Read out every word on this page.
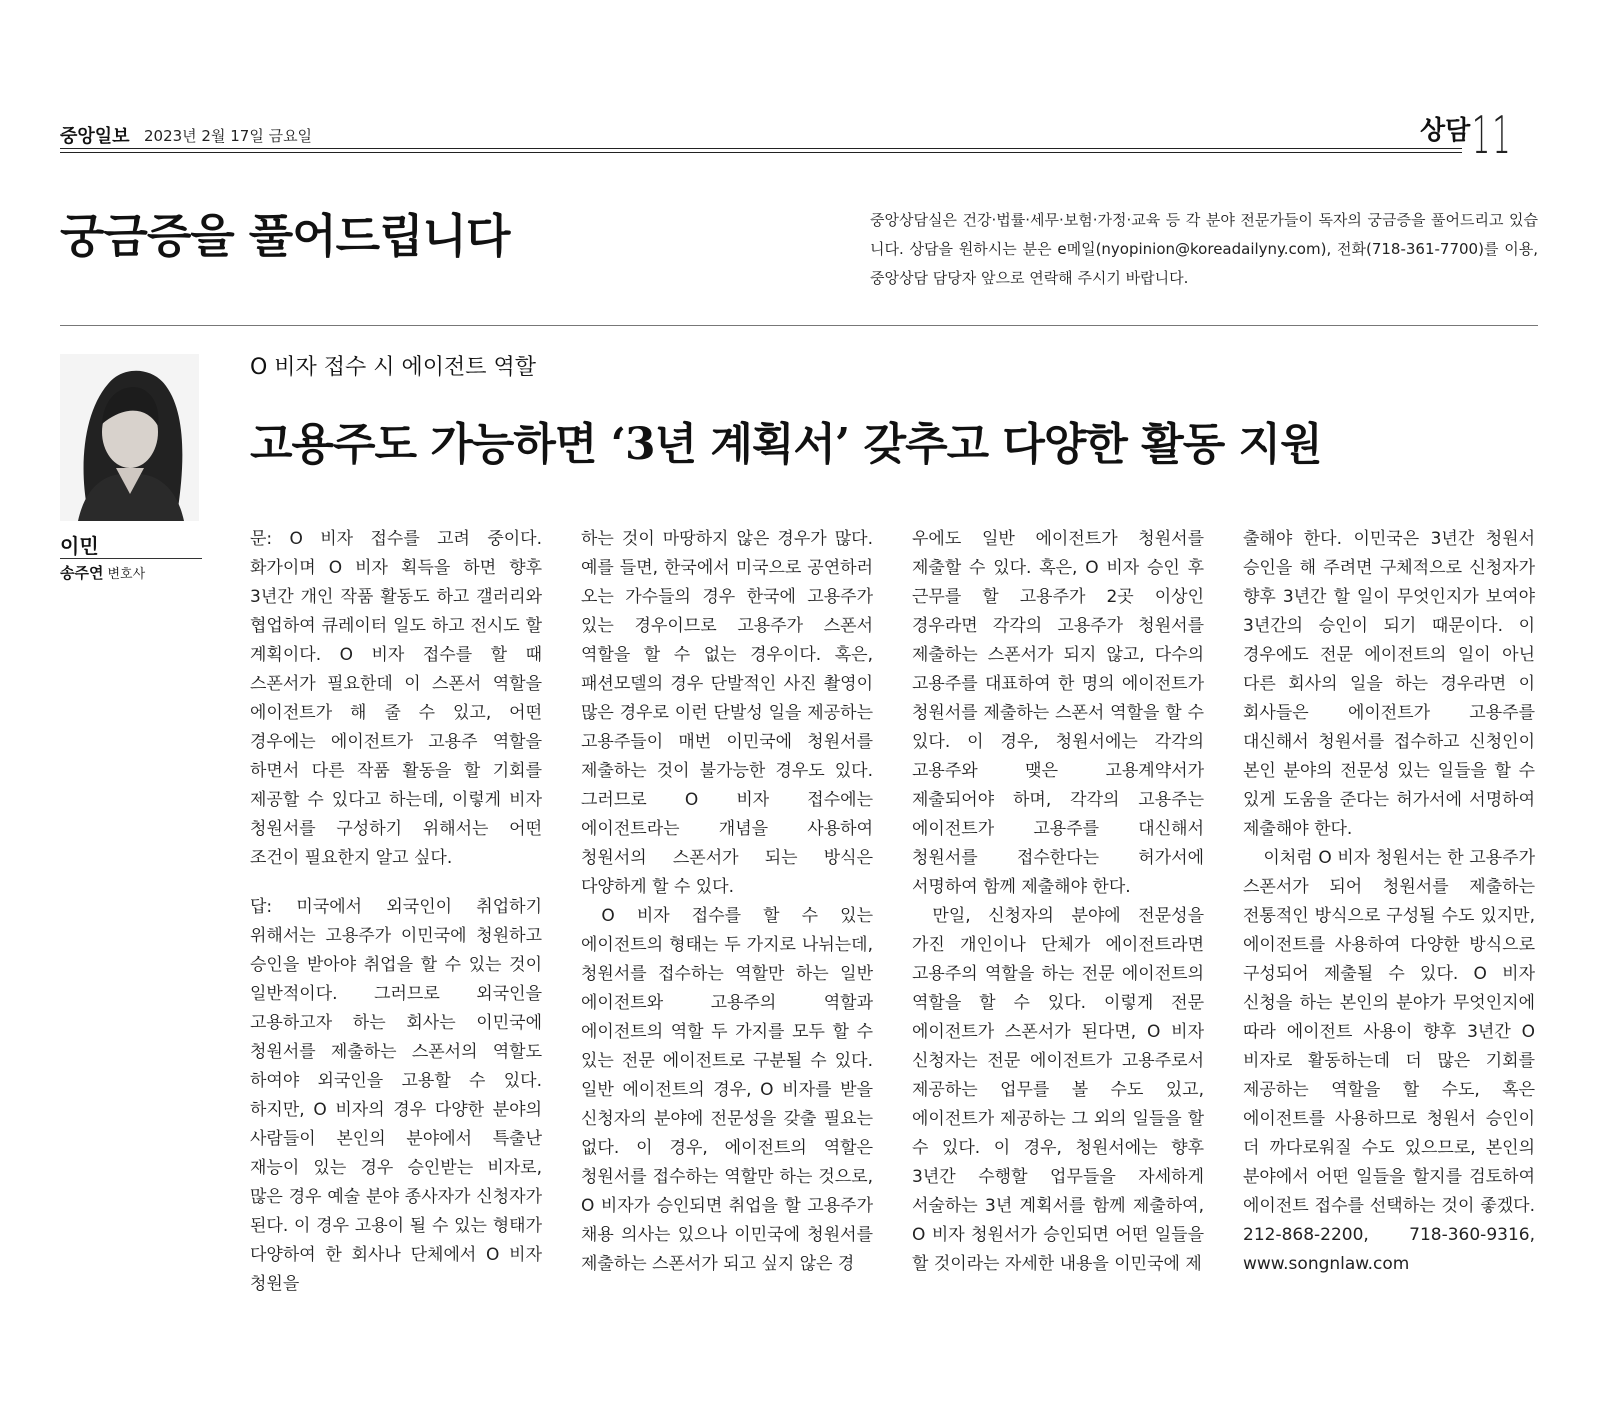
중앙일보 2023년 2월 17일 금요일	상담 11
궁금증을 풀어드립니다	중앙상담실은 건강·법률·세무·보험·가정·교육 등 각 분야 전문가들이 독자의 궁금증을 풀어드리고 있습니다. 상담을 원하시는 분은 e메일(nyopinion@koreadailyny.com), 전화(718-361-7700)를 이용, 중앙상담 담당자 앞으로 연락해 주시기 바랍니다.
이민
송주연 변호사
O 비자 접수 시 에이전트 역할
고용주도 가능하면 ‘3년 계획서’ 갖추고 다양한 활동 지원

문: O 비자 접수를 고려 중이다. 화가이며 O 비자 획득을 하면 향후 3년간 개인 작품 활동도 하고 갤러리와 협업하여 큐레이터 일도 하고 전시도 할 계획이다. O 비자 접수를 할 때 스폰서가 필요한데 이 스폰서 역할을 에이전트가 해 줄 수 있고, 어떤 경우에는 에이전트가 고용주 역할을 하면서 다른 작품 활동을 할 기회를 제공할 수 있다고 하는데, 이렇게 비자 청원서를 구성하기 위해서는 어떤 조건이 필요한지 알고 싶다.

답: 미국에서 외국인이 취업하기 위해서는 고용주가 이민국에 청원하고 승인을 받아야 취업을 할 수 있는 것이 일반적이다. 그러므로 외국인을 고용하고자 하는 회사는 이민국에 청원서를 제출하는 스폰서의 역할도 하여야 외국인을 고용할 수 있다. 하지만, O 비자의 경우 다양한 분야의 사람들이 본인의 분야에서 특출난 재능이 있는 경우 승인받는 비자로, 많은 경우 예술 분야 종사자가 신청자가 된다. 이 경우 고용이 될 수 있는 형태가 다양하여 한 회사나 단체에서 O 비자 청원을

하는 것이 마땅하지 않은 경우가 많다. 예를 들면, 한국에서 미국으로 공연하러 오는 가수들의 경우 한국에 고용주가 있는 경우이므로 고용주가 스폰서 역할을 할 수 없는 경우이다. 혹은, 패션모델의 경우 단발적인 사진 촬영이 많은 경우로 이런 단발성 일을 제공하는 고용주들이 매번 이민국에 청원서를 제출하는 것이 불가능한 경우도 있다. 그러므로 O 비자 접수에는 에이전트라는 개념을 사용하여 청원서의 스폰서가 되는 방식은 다양하게 할 수 있다.

O 비자 접수를 할 수 있는 에이전트의 형태는 두 가지로 나뉘는데, 청원서를 접수하는 역할만 하는 일반 에이전트와 고용주의 역할과 에이전트의 역할 두 가지를 모두 할 수 있는 전문 에이전트로 구분될 수 있다. 일반 에이전트의 경우, O 비자를 받을 신청자의 분야에 전문성을 갖출 필요는 없다. 이 경우, 에이전트의 역할은 청원서를 접수하는 역할만 하는 것으로, O 비자가 승인되면 취업을 할 고용주가 채용 의사는 있으나 이민국에 청원서를 제출하는 스폰서가 되고 싶지 않은 경

우에도 일반 에이전트가 청원서를 제출할 수 있다. 혹은, O 비자 승인 후 근무를 할 고용주가 2곳 이상인 경우라면 각각의 고용주가 청원서를 제출하는 스폰서가 되지 않고, 다수의 고용주를 대표하여 한 명의 에이전트가 청원서를 제출하는 스폰서 역할을 할 수 있다. 이 경우, 청원서에는 각각의 고용주와 맺은 고용계약서가 제출되어야 하며, 각각의 고용주는 에이전트가 고용주를 대신해서 청원서를 접수한다는 허가서에 서명하여 함께 제출해야 한다.

만일, 신청자의 분야에 전문성을 가진 개인이나 단체가 에이전트라면 고용주의 역할을 하는 전문 에이전트의 역할을 할 수 있다. 이렇게 전문 에이전트가 스폰서가 된다면, O 비자 신청자는 전문 에이전트가 고용주로서 제공하는 업무를 볼 수도 있고, 에이전트가 제공하는 그 외의 일들을 할 수 있다. 이 경우, 청원서에는 향후 3년간 수행할 업무들을 자세하게 서술하는 3년 계획서를 함께 제출하여, O 비자 청원서가 승인되면 어떤 일들을 할 것이라는 자세한 내용을 이민국에 제

출해야 한다. 이민국은 3년간 청원서 승인을 해 주려면 구체적으로 신청자가 향후 3년간 할 일이 무엇인지가 보여야 3년간의 승인이 되기 때문이다. 이 경우에도 전문 에이전트의 일이 아닌 다른 회사의 일을 하는 경우라면 이 회사들은 에이전트가 고용주를 대신해서 청원서를 접수하고 신청인이 본인 분야의 전문성 있는 일들을 할 수 있게 도움을 준다는 허가서에 서명하여 제출해야 한다.

이처럼 O 비자 청원서는 한 고용주가 스폰서가 되어 청원서를 제출하는 전통적인 방식으로 구성될 수도 있지만, 에이전트를 사용하여 다양한 방식으로 구성되어 제출될 수 있다. O 비자 신청을 하는 본인의 분야가 무엇인지에 따라 에이전트 사용이 향후 3년간 O 비자로 활동하는데 더 많은 기회를 제공하는 역할을 할 수도, 혹은 에이전트를 사용하므로 청원서 승인이 더 까다로워질 수도 있으므로, 본인의 분야에서 어떤 일들을 할지를 검토하여 에이전트 접수를 선택하는 것이 좋겠다. 212-868-2200, 718-360-9316, www.songnlaw.com
